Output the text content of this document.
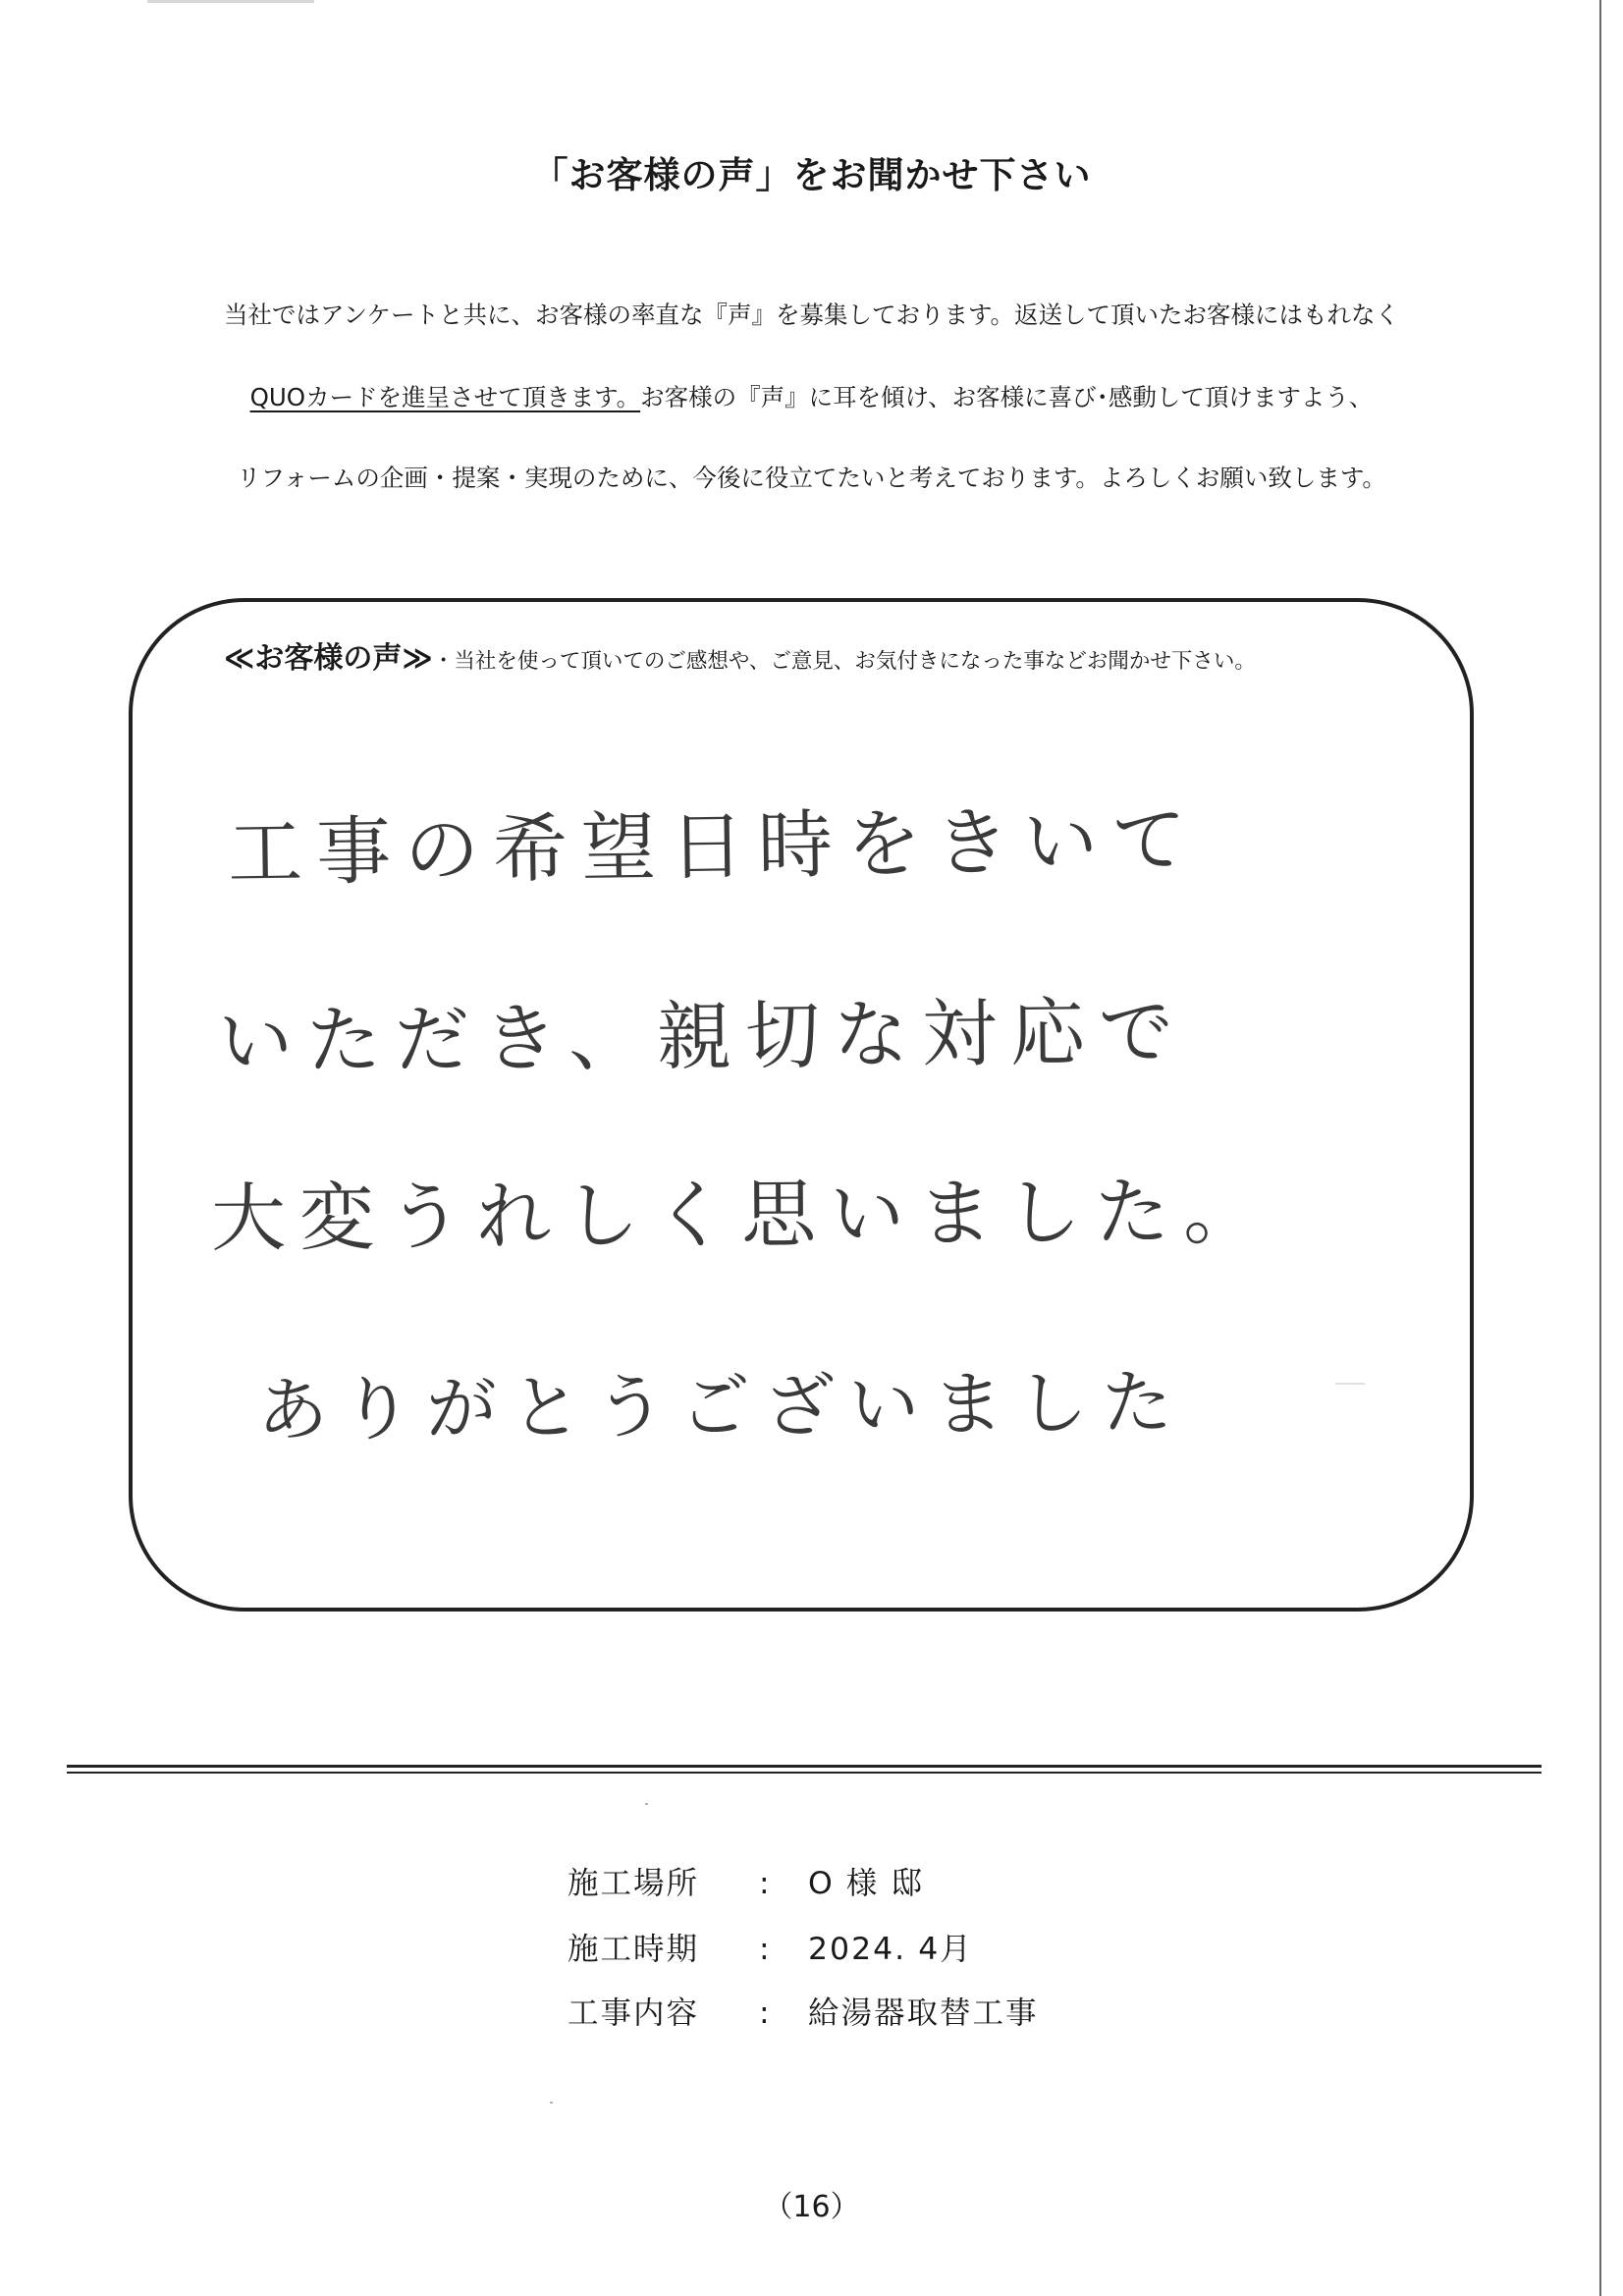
「お客様の声」をお聞かせ下さい
当社ではアンケートと共に、お客様の率直な『声』を募集しております。返送して頂いたお客様にはもれなく
QUOカードを進呈させて頂きます。お客様の『声』に耳を傾け、お客様に喜び･感動して頂けますよう、
リフォームの企画・提案・実現のために、今後に役立てたいと考えております。よろしくお願い致します。
≪お客様の声≫・当社を使って頂いてのご感想や、ご意見、お気付きになった事などお聞かせ下さい。
工事の希望日時をきいて
いただき、親切な対応で
大変うれしく思いました。
ありがとうございました
施工場所 : O 様 邸
施工時期 : 2024. 4月
工事内容 : 給湯器取替工事
（16）
